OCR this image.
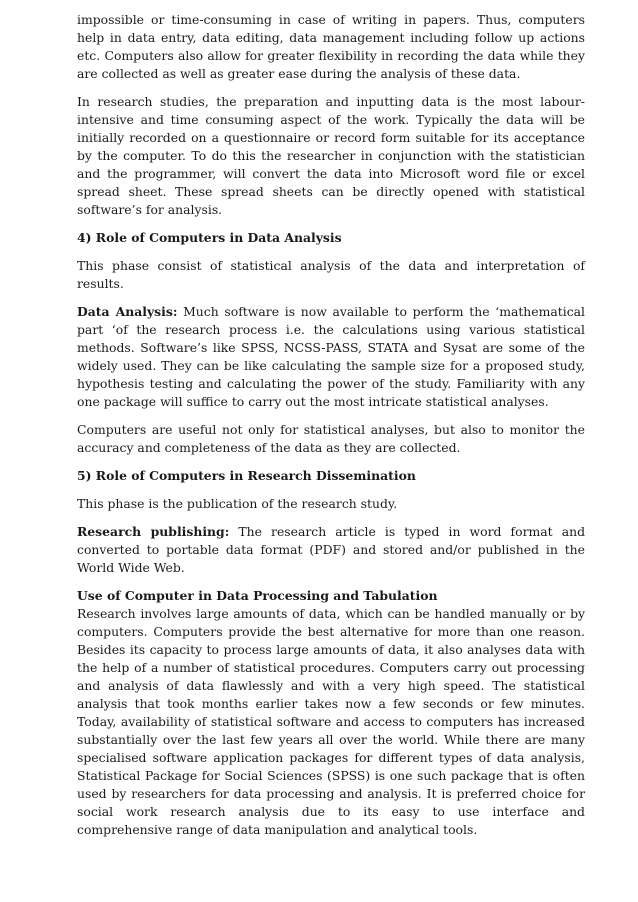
impossible or time-consuming in case of writing in papers. Thus, computers help in data entry, data editing, data management including follow up actions etc. Computers also allow for greater flexibility in recording the data while they are collected as well as greater ease during the analysis of these data.

In research studies, the preparation and inputting data is the most labour-intensive and time consuming aspect of the work. Typically the data will be initially recorded on a questionnaire or record form suitable for its acceptance by the computer. To do this the researcher in conjunction with the statistician and the programmer, will convert the data into Microsoft word file or excel spread sheet. These spread sheets can be directly opened with statistical software’s for analysis.

4) Role of Computers in Data Analysis

This phase consist of statistical analysis of the data and interpretation of results.

Data Analysis: Much software is now available to perform the ‘mathematical part ‘of the research process i.e. the calculations using various statistical methods. Software’s like SPSS, NCSS-PASS, STATA and Sysat are some of the widely used. They can be like calculating the sample size for a proposed study, hypothesis testing and calculating the power of the study. Familiarity with any one package will suffice to carry out the most intricate statistical analyses.

Computers are useful not only for statistical analyses, but also to monitor the accuracy and completeness of the data as they are collected.

5) Role of Computers in Research Dissemination

This phase is the publication of the research study.

Research publishing: The research article is typed in word format and converted to portable data format (PDF) and stored and/or published in the World Wide Web.

Use of Computer in Data Processing and Tabulation

Research involves large amounts of data, which can be handled manually or by computers. Computers provide the best alternative for more than one reason. Besides its capacity to process large amounts of data, it also analyses data with the help of a number of statistical procedures. Computers carry out processing and analysis of data flawlessly and with a very high speed. The statistical analysis that took months earlier takes now a few seconds or few minutes. Today, availability of statistical software and access to computers has increased substantially over the last few years all over the world. While there are many specialised software application packages for different types of data analysis, Statistical Package for Social Sciences (SPSS) is one such package that is often used by researchers for data processing and analysis. It is preferred choice for social work research analysis due to its easy to use interface and comprehensive range of data manipulation and analytical tools.
